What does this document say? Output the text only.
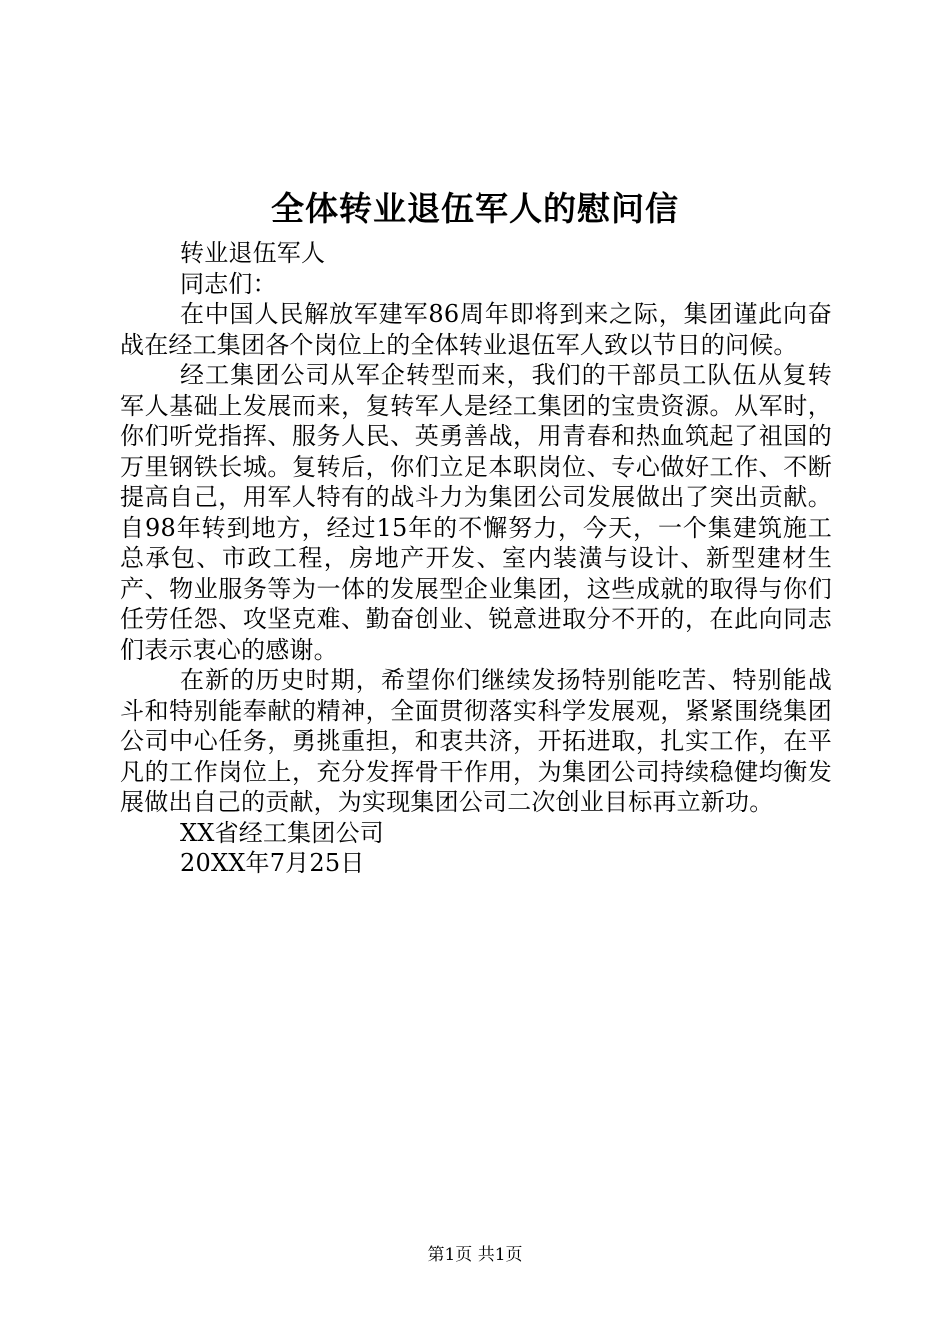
全体转业退伍军人的慰问信

转业退伍军人

同志们：

在中国人民解放军建军86周年即将到来之际，集团谨此向奋战在经工集团各个岗位上的全体转业退伍军人致以节日的问候。

经工集团公司从军企转型而来，我们的干部员工队伍从复转军人基础上发展而来，复转军人是经工集团的宝贵资源。从军时，你们听党指挥、服务人民、英勇善战，用青春和热血筑起了祖国的万里钢铁长城。复转后，你们立足本职岗位、专心做好工作、不断提高自己，用军人特有的战斗力为集团公司发展做出了突出贡献。自98年转到地方，经过15年的不懈努力，今天，一个集建筑施工总承包、市政工程，房地产开发、室内装潢与设计、新型建材生产、物业服务等为一体的发展型企业集团，这些成就的取得与你们任劳任怨、攻坚克难、勤奋创业、锐意进取分不开的，在此向同志们表示衷心的感谢。

在新的历史时期，希望你们继续发扬特别能吃苦、特别能战斗和特别能奉献的精神，全面贯彻落实科学发展观，紧紧围绕集团公司中心任务，勇挑重担，和衷共济，开拓进取，扎实工作，在平凡的工作岗位上，充分发挥骨干作用，为集团公司持续稳健均衡发展做出自己的贡献，为实现集团公司二次创业目标再立新功。

XX省经工集团公司

20XX年7月25日

第1页 共1页
